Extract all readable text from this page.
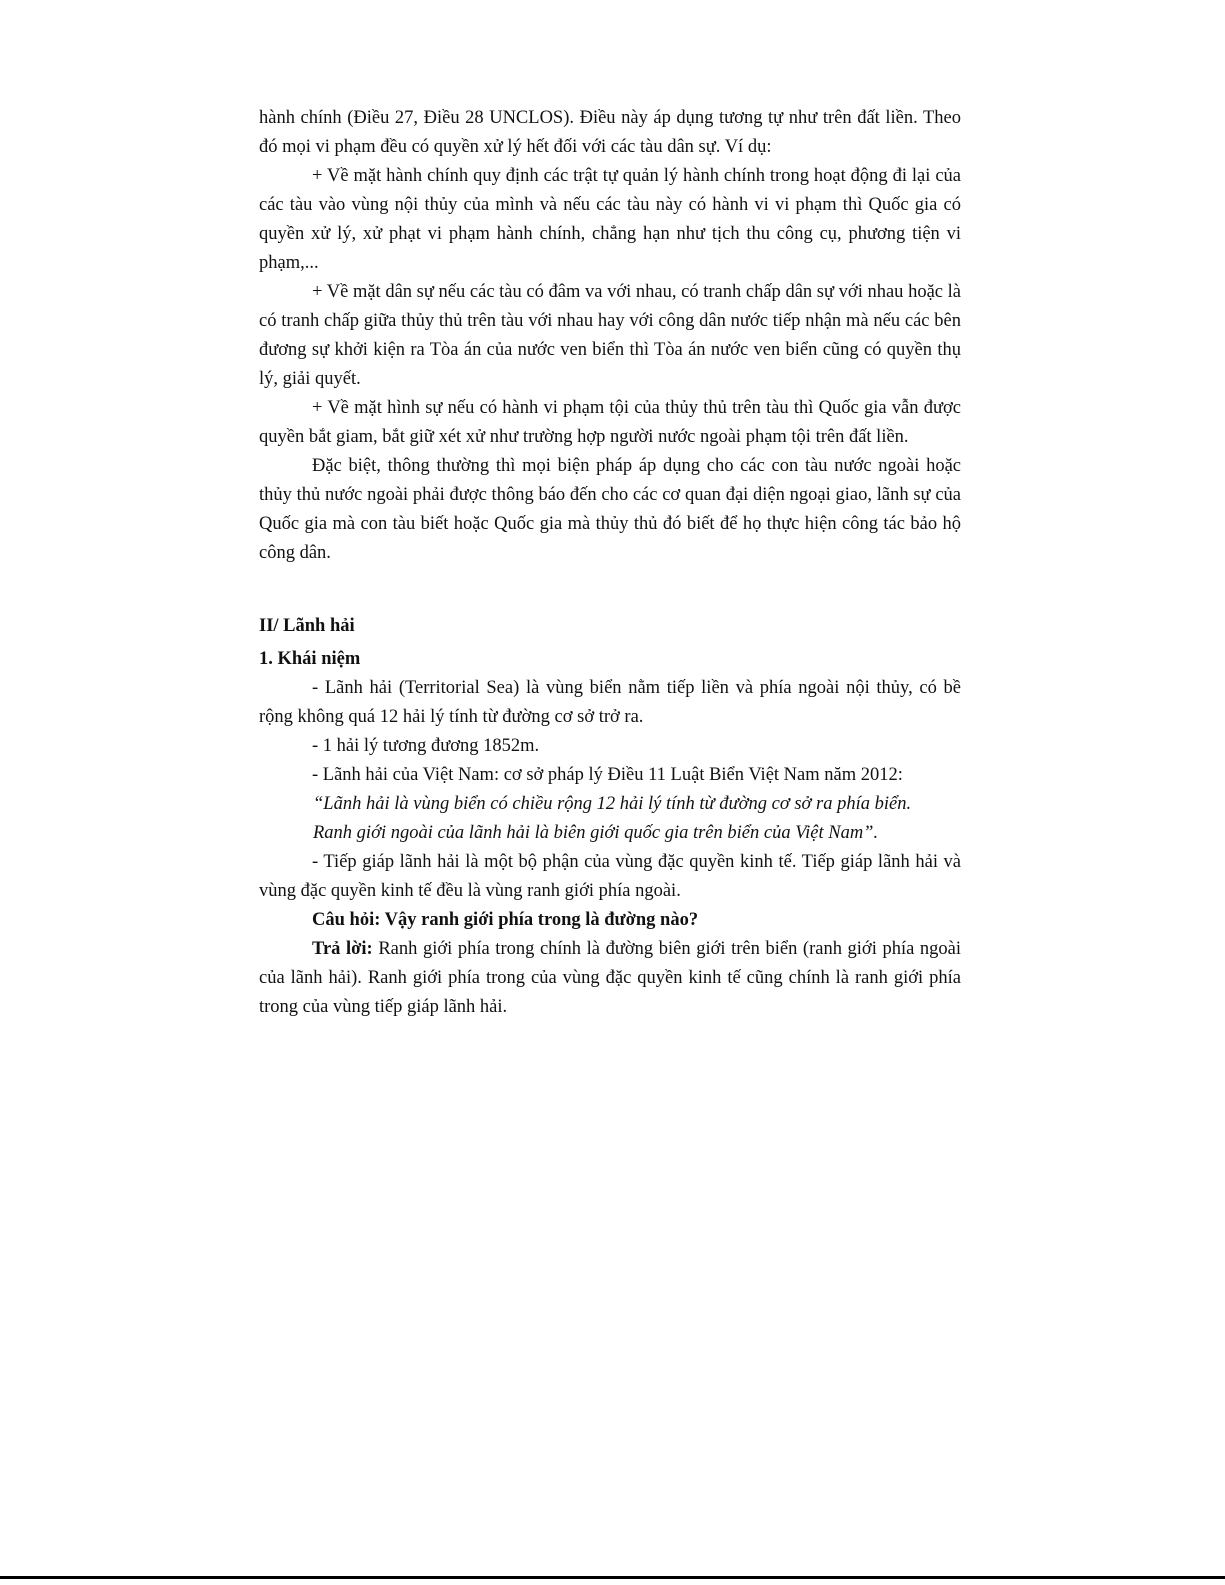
hành chính (Điều 27, Điều 28 UNCLOS). Điều này áp dụng tương tự như trên đất liền. Theo đó mọi vi phạm đều có quyền xử lý hết đối với các tàu dân sự. Ví dụ:

+ Về mặt hành chính quy định các trật tự quản lý hành chính trong hoạt động đi lại của các tàu vào vùng nội thủy của mình và nếu các tàu này có hành vi vi phạm thì Quốc gia có quyền xử lý, xử phạt vi phạm hành chính, chẳng hạn như tịch thu công cụ, phương tiện vi phạm,...

+ Về mặt dân sự nếu các tàu có đâm va với nhau, có tranh chấp dân sự với nhau hoặc là có tranh chấp giữa thủy thủ trên tàu với nhau hay với công dân nước tiếp nhận mà nếu các bên đương sự khởi kiện ra Tòa án của nước ven biển thì Tòa án nước ven biển cũng có quyền thụ lý, giải quyết.

+ Về mặt hình sự nếu có hành vi phạm tội của thủy thủ trên tàu thì Quốc gia vẫn được quyền bắt giam, bắt giữ xét xử như trường hợp người nước ngoài phạm tội trên đất liền.

Đặc biệt, thông thường thì mọi biện pháp áp dụng cho các con tàu nước ngoài hoặc thủy thủ nước ngoài phải được thông báo đến cho các cơ quan đại diện ngoại giao, lãnh sự của Quốc gia mà con tàu biết hoặc Quốc gia mà thủy thủ đó biết để họ thực hiện công tác bảo hộ công dân.

II/ Lãnh hải

1. Khái niệm

- Lãnh hải (Territorial Sea) là vùng biển nằm tiếp liền và phía ngoài nội thủy, có bề rộng không quá 12 hải lý tính từ đường cơ sở trở ra.

- 1 hải lý tương đương 1852m.

- Lãnh hải của Việt Nam: cơ sở pháp lý Điều 11 Luật Biển Việt Nam năm 2012:

“Lãnh hải là vùng biển có chiều rộng 12 hải lý tính từ đường cơ sở ra phía biển.

Ranh giới ngoài của lãnh hải là biên giới quốc gia trên biển của Việt Nam”.

- Tiếp giáp lãnh hải là một bộ phận của vùng đặc quyền kinh tế. Tiếp giáp lãnh hải và vùng đặc quyền kinh tế đều là vùng ranh giới phía ngoài.

Câu hỏi: Vậy ranh giới phía trong là đường nào?

Trả lời: Ranh giới phía trong chính là đường biên giới trên biển (ranh giới phía ngoài của lãnh hải). Ranh giới phía trong của vùng đặc quyền kinh tế cũng chính là ranh giới phía trong của vùng tiếp giáp lãnh hải.
